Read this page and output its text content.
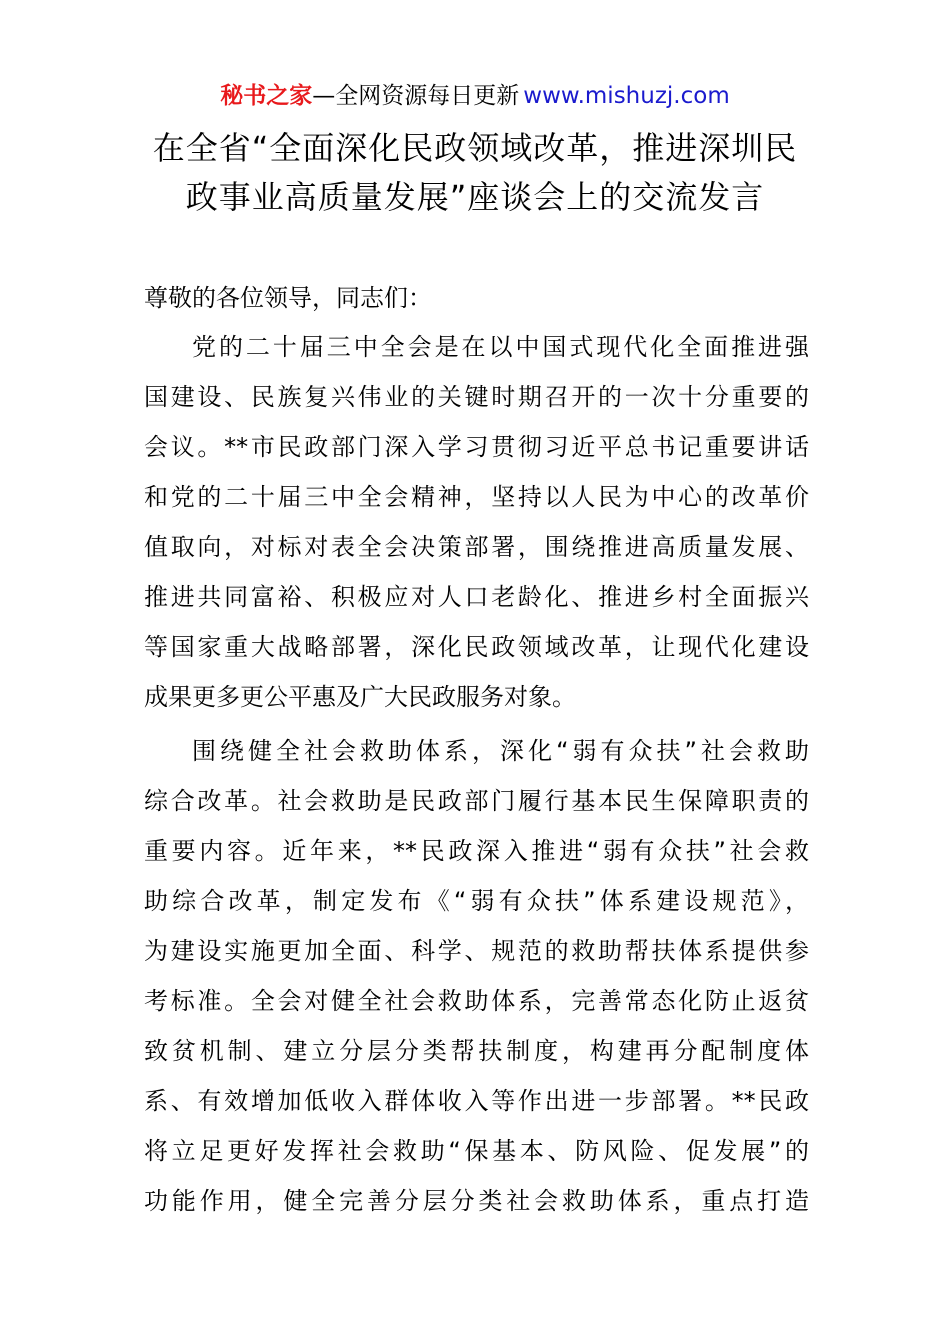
秘书之家—全网资源每日更新 www.mishuzj.com
在全省“全面深化民政领域改革，推进深圳民
政事业高质量发展”座谈会上的交流发言

尊敬的各位领导，同志们：

党的二十届三中全会是在以中国式现代化全面推进强
国建设、民族复兴伟业的关键时期召开的一次十分重要的
会议。**市民政部门深入学习贯彻习近平总书记重要讲话
和党的二十届三中全会精神，坚持以人民为中心的改革价
值取向，对标对表全会决策部署，围绕推进高质量发展、
推进共同富裕、积极应对人口老龄化、推进乡村全面振兴
等国家重大战略部署，深化民政领域改革，让现代化建设
成果更多更公平惠及广大民政服务对象。

围绕健全社会救助体系，深化“弱有众扶”社会救助
综合改革。社会救助是民政部门履行基本民生保障职责的
重要内容。近年来，**民政深入推进“弱有众扶”社会救
助综合改革，制定发布《“弱有众扶”体系建设规范》，
为建设实施更加全面、科学、规范的救助帮扶体系提供参
考标准。全会对健全社会救助体系，完善常态化防止返贫
致贫机制、建立分层分类帮扶制度，构建再分配制度体
系、有效增加低收入群体收入等作出进一步部署。**民政
将立足更好发挥社会救助“保基本、防风险、促发展”的
功能作用，健全完善分层分类社会救助体系，重点打造
